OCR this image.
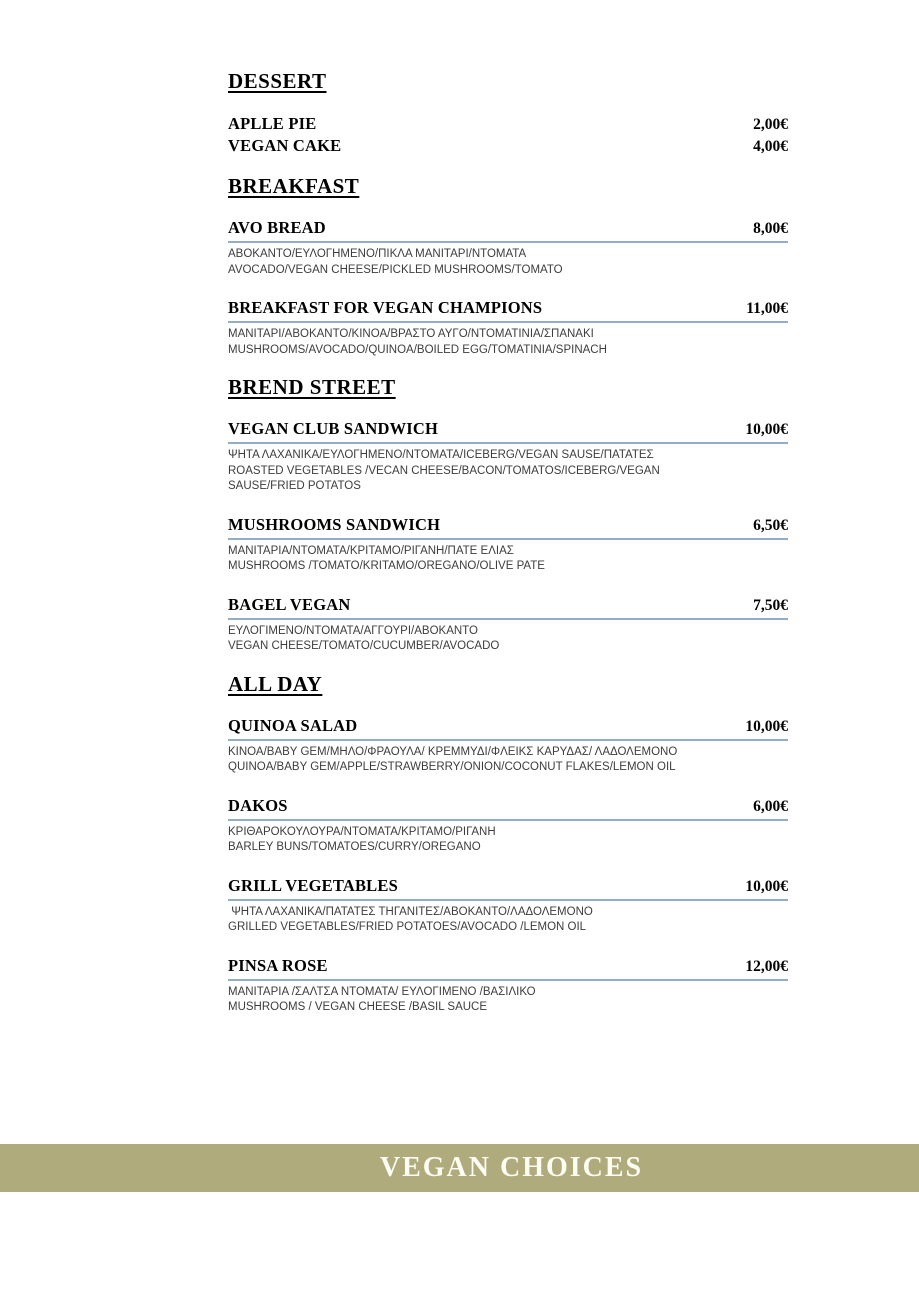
DESSERT
APLLE PIE	2,00€
VEGAN CAKE	4,00€
BREAKFAST
AVO BREAD	8,00€
ΑΒΟΚΑΝΤΟ/ΕΥΛΟΓΗΜΕΝΟ/ΠΙΚΛΑ ΜΑΝΙΤΑΡΙ/ΝΤΟΜΑΤΑ
AVOCADO/VEGAN CHEESE/PICKLED MUSHROOMS/TOMATO
BREAKFAST FOR VEGAN CHAMPIONS	11,00€
ΜΑΝΙΤΑΡΙ/ΑΒΟΚΑΝΤΟ/ΚΙΝΟΑ/ΒΡΑΣΤΟ ΑΥΓΟ/ΝΤΟΜΑΤΙΝΙΑ/ΣΠΑΝΑΚΙ
MUSHROOMS/AVOCADO/QUINOA/BOILED EGG/TOMATINIA/SPINACH
BREND STREET
VEGAN CLUB SANDWICH	10,00€
ΨΗΤΑ ΛΑΧΑΝΙΚΑ/ΕΥΛΟΓΗΜΕΝΟ/ΝΤΟΜΑΤΑ/ICEBERG/VEGAN SAUSE/ΠΑΤΑΤΕΣ
ROASTED VEGETABLES /VECAN CHEESE/BACON/TOMATOS/ICEBERG/VEGAN
SAUSE/FRIED POTATOS
MUSHROOMS SANDWICH	6,50€
ΜΑΝΙΤΑΡΙΑ/ΝΤΟΜΑΤΑ/ΚΡΙΤΑΜΟ/ΡΙΓΑΝΗ/ΠΑΤΕ ΕΛΙΑΣ
MUSHROOMS /TOMATO/KRITAMO/OREGANO/OLIVE PATE
BAGEL VEGAN	7,50€
ΕΥΛΟΓΙΜΕΝΟ/ΝΤΟΜΑΤΑ/ΑΓΓΟΥΡΙ/ΑΒΟΚΑΝΤΟ
VEGAN CHEESE/TOMATO/CUCUMBER/AVOCADO
ALL DAY
QUINOA SALAD	10,00€
ΚΙΝΟΑ/BABY GEM/ΜΗΛΟ/ΦΡΑΟΥΛΑ/ ΚΡΕΜΜΥΔΙ/ΦΛΕΙΚΣ ΚΑΡΥΔΑΣ/ ΛΑΔΟΛΕΜΟΝΟ
QUINOA/BABY GEM/APPLE/STRAWBERRY/ONION/COCONUT FLAKES/LEMON OIL
DAKOS	6,00€
ΚΡΙΘΑΡΟΚΟΥΛΟΥΡΑ/ΝΤΟΜΑΤΑ/ΚΡΙΤΑΜΟ/ΡΙΓΑΝΗ
BARLEY BUNS/TOMATOES/CURRY/OREGANO
GRILL VEGETABLES	10,00€
ΨΗΤΑ ΛΑΧΑΝΙΚΑ/ΠΑΤΑΤΕΣ ΤΗΓΑΝΙΤΕΣ/ΑΒΟΚΑΝΤΟ/ΛΑΔΟΛΕΜΟΝΟ
GRILLED VEGETABLES/FRIED POTATOES/AVOCADO /LEMON OIL
PINSA ROSE	12,00€
ΜΑΝΙΤΑΡΙΑ /ΣΑΛΤΣΑ ΝΤΟΜΑΤΑ/ ΕΥΛΟΓΙΜΕΝΟ /ΒΑΣΙΛΙΚΟ
MUSHROOMS / VEGAN CHEESE /BASIL SAUCE
VEGAN CHOICES
